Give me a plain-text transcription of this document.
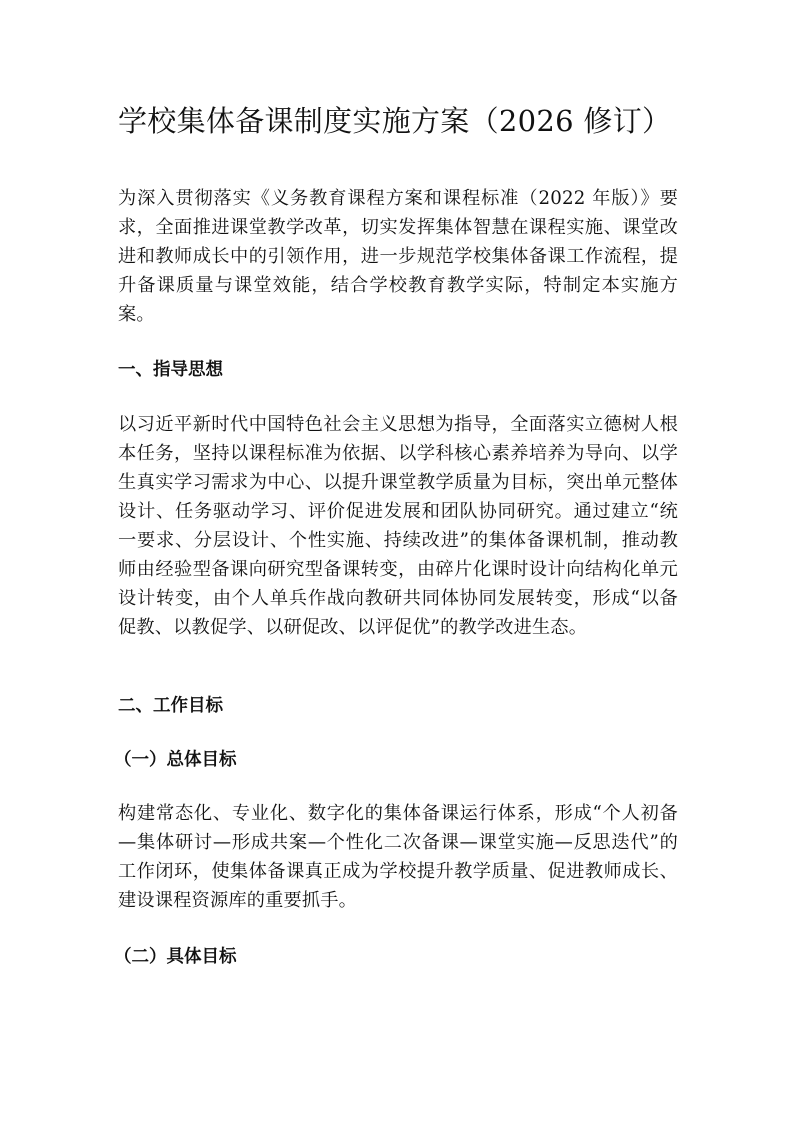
学校集体备课制度实施方案（2026 修订）

为深入贯彻落实《义务教育课程方案和课程标准（2022 年版）》要求，全面推进课堂教学改革，切实发挥集体智慧在课程实施、课堂改进和教师成长中的引领作用，进一步规范学校集体备课工作流程，提升备课质量与课堂效能，结合学校教育教学实际，特制定本实施方案。

一、指导思想

以习近平新时代中国特色社会主义思想为指导，全面落实立德树人根本任务，坚持以课程标准为依据、以学科核心素养培养为导向、以学生真实学习需求为中心、以提升课堂教学质量为目标，突出单元整体设计、任务驱动学习、评价促进发展和团队协同研究。通过建立“统一要求、分层设计、个性实施、持续改进”的集体备课机制，推动教师由经验型备课向研究型备课转变，由碎片化课时设计向结构化单元设计转变，由个人单兵作战向教研共同体协同发展转变，形成“以备促教、以教促学、以研促改、以评促优”的教学改进生态。

二、工作目标
（一）总体目标

构建常态化、专业化、数字化的集体备课运行体系，形成“个人初备—集体研讨—形成共案—个性化二次备课—课堂实施—反思迭代”的工作闭环，使集体备课真正成为学校提升教学质量、促进教师成长、建设课程资源库的重要抓手。

（二）具体目标
